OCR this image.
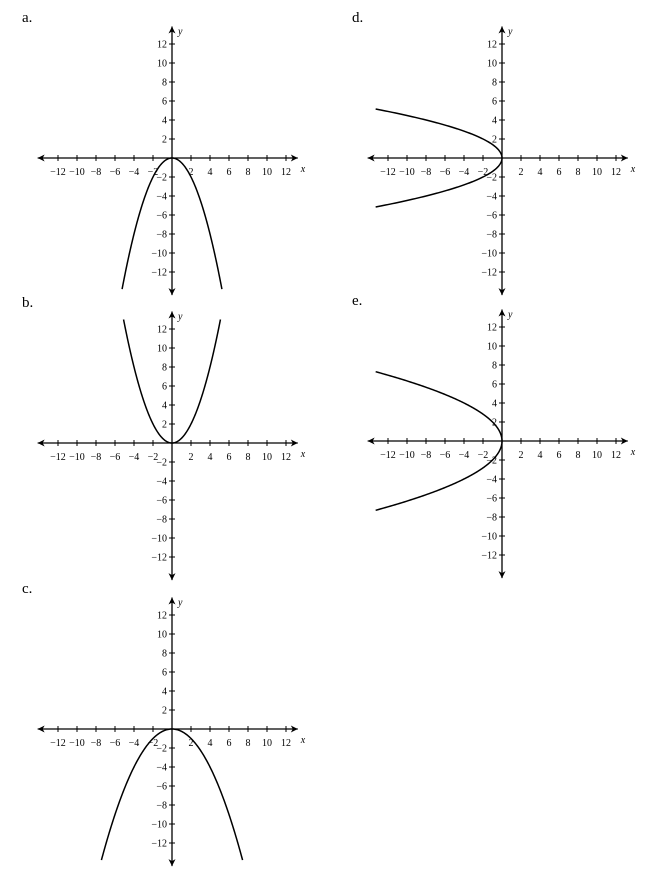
a.
−12 −10 −8 −6 −4 −2	2 4 6 8 10 12
12
10
8
6
4
2
−2
−4
−6
−8
−10
−12
x
y
b.
−12 −10 −8 −6 −4 −2	2 4 6 8 10 12
12
10
8
6
4
2
−2
−4
−6
−8
−10
−12
x
y
c.
−12 −10 −8 −6 −4 −2	2 4 6 8 10 12
12
10
8
6
4
2
−2
−4
−6
−8
−10
−12
x
y
d.
−12 −10 −8 −6 −4 −2	2 4 6 8 10 12
12
10
8
6
4
2
−2
−4
−6
−8
−10
−12
x
y
e.
−12 −10 −8 −6 −4 −2	2 4 6 8 10 12
12
10
8
6
4
2
−2
−4
−6
−8
−10
−12
x
y
